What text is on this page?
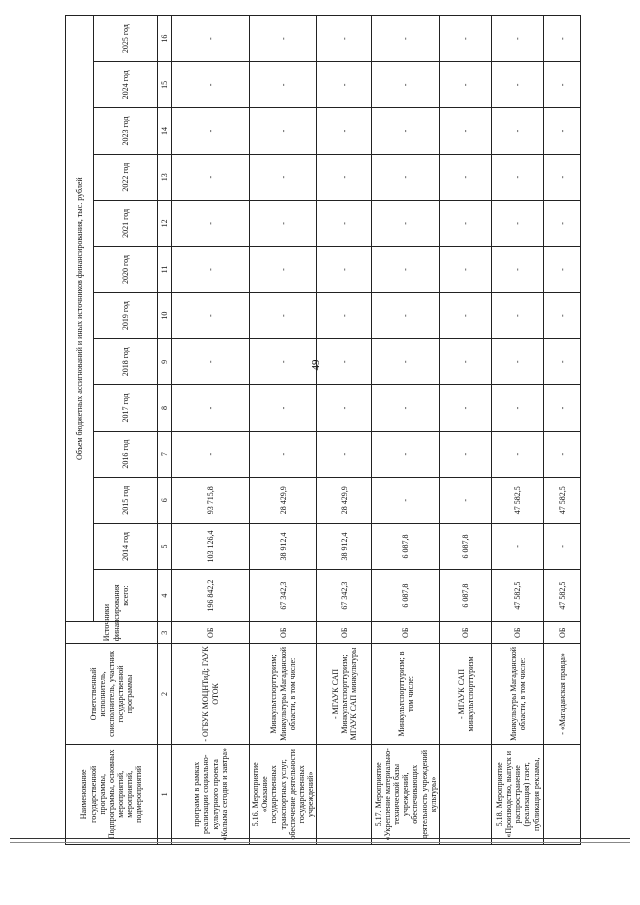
49
Наименование государственной программы, Подпрограммы, основных мероприятий, мероприятий, подмероприятий	Ответственный исполнитель, соисполнитель, участник государственной программы	Источники финансирования	Объем бюджетных ассигнований и иных источников финансирования, тыс. рублей												
			всего:	2014 год	2015 год	2016 год	2017 год	2018 год	2019 год	2020 год	2021 год	2022 год	2023 год	2024 год	2025 год
1	2	3	4	5	6	7	8	9	10	11	12	13	14	15	16
программ в рамках реализации социально-культурного проекта «Колыма сегодня и завтра»	- ОГБУК МОЦНТиД; ГАУК ОТОК	ОБ	196 842,2	103 126,4	93 715,8	-	-	-	-	-	-	-	-	-	-
5.16. Мероприятие «Оказание государственных транспортных услуг, обеспечение деятельности государственных учреждений»	Минкультспорттуризм; Минкультуры Магаданской области, в том числе:	ОБ	67 342,3	38 912,4	28 429,9	-	-	-	-	-	-	-	-	-	-
	- МГАУК САП Минкультспорттуризм; МГАУК САП минкультуры	ОБ	67 342,3	38 912,4	28 429,9	-	-	-	-	-	-	-	-	-	-
5.17. Мероприятие «Укрепление материально-технической базы учреждений, обеспечивающих деятельность учреждений культуры»	Минкультспорттуризм; в том числе:	ОБ	6 087,8	6 087,8	-	-	-	-	-	-	-	-	-	-	-
	- МГАУК САП минкультспорттуризм	ОБ	6 087,8	6 087,8	-	-	-	-	-	-	-	-	-	-	-
5.18. Мероприятие «Производство, выпуск и распространение (реализация) газет, публикация рекламы,	Минкультуры Магаданской области, в том числе:	ОБ	47 582,5	-	47 582,5	-	-	-	-	-	-	-	-	-	-
	- «Магаданская правда»	ОБ	47 582,5	-	47 582,5	-	-	-	-	-	-	-	-	-	-
